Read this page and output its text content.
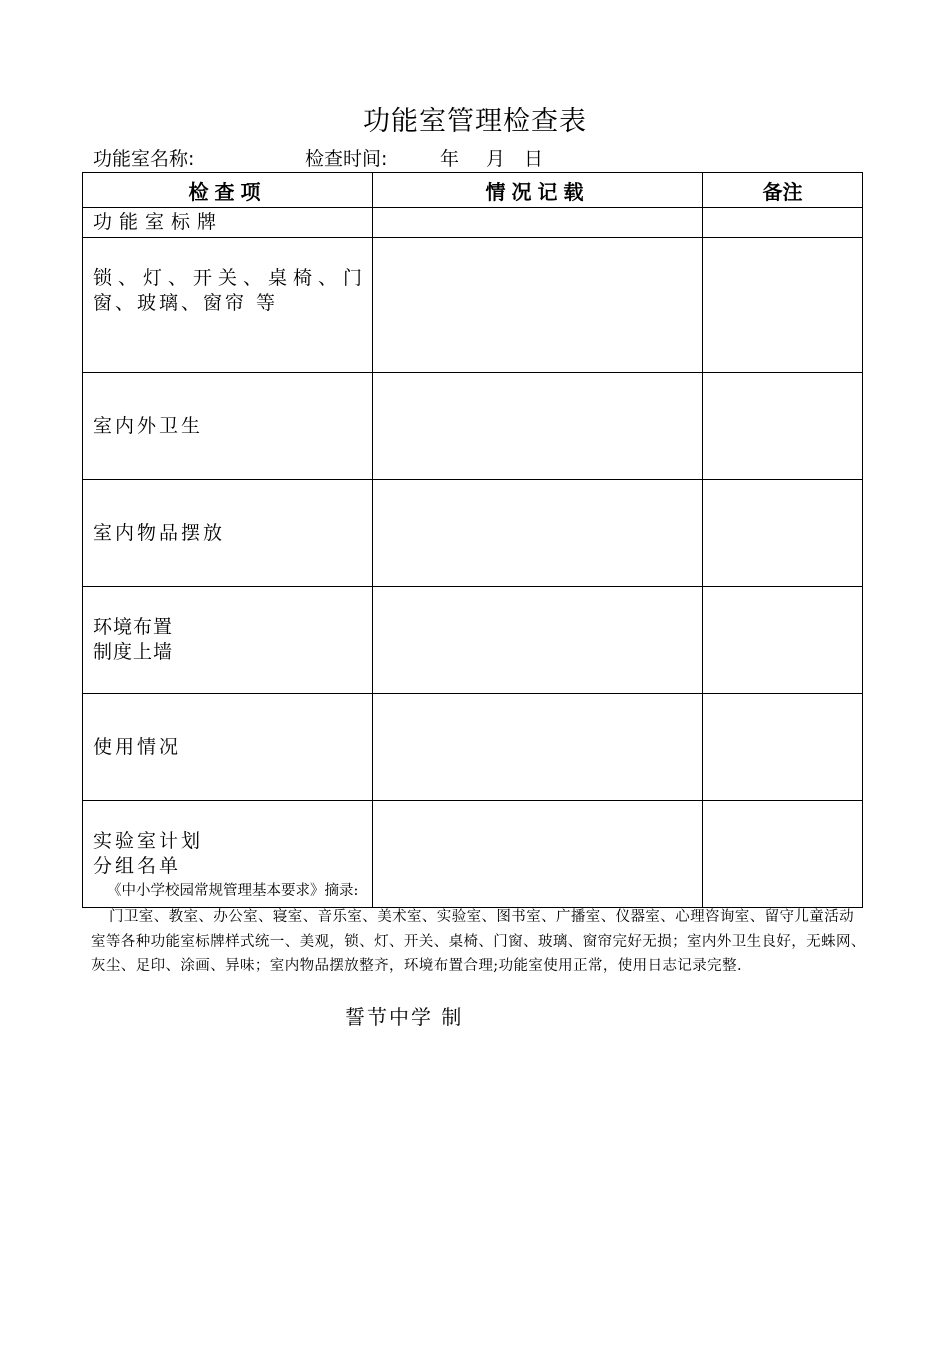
功能室管理检查表
功能室名称:	检查时间:	年 月 日
检查项	情况记载	备注

功能室标牌		

锁、灯、开关、桌椅、门
窗、玻璃、窗帘 等		

室内外卫生		

室内物品摆放		

环境布置
制度上墙		

使用情况		

实验室计划
分组名单		

《中小学校园常规管理基本要求》摘录:
门卫室、教室、办公室、寝室、音乐室、美术室、实验室、图书室、广播室、仪器室、心理咨询室、留守儿童活动室等各种功能室标牌样式统一、美观，锁、灯、开关、桌椅、门窗、玻璃、窗帘完好无损；室内外卫生良好，无蛛网、灰尘、足印、涂画、异味；室内物品摆放整齐，环境布置合理;功能室使用正常，使用日志记录完整.
誓节中学 制
